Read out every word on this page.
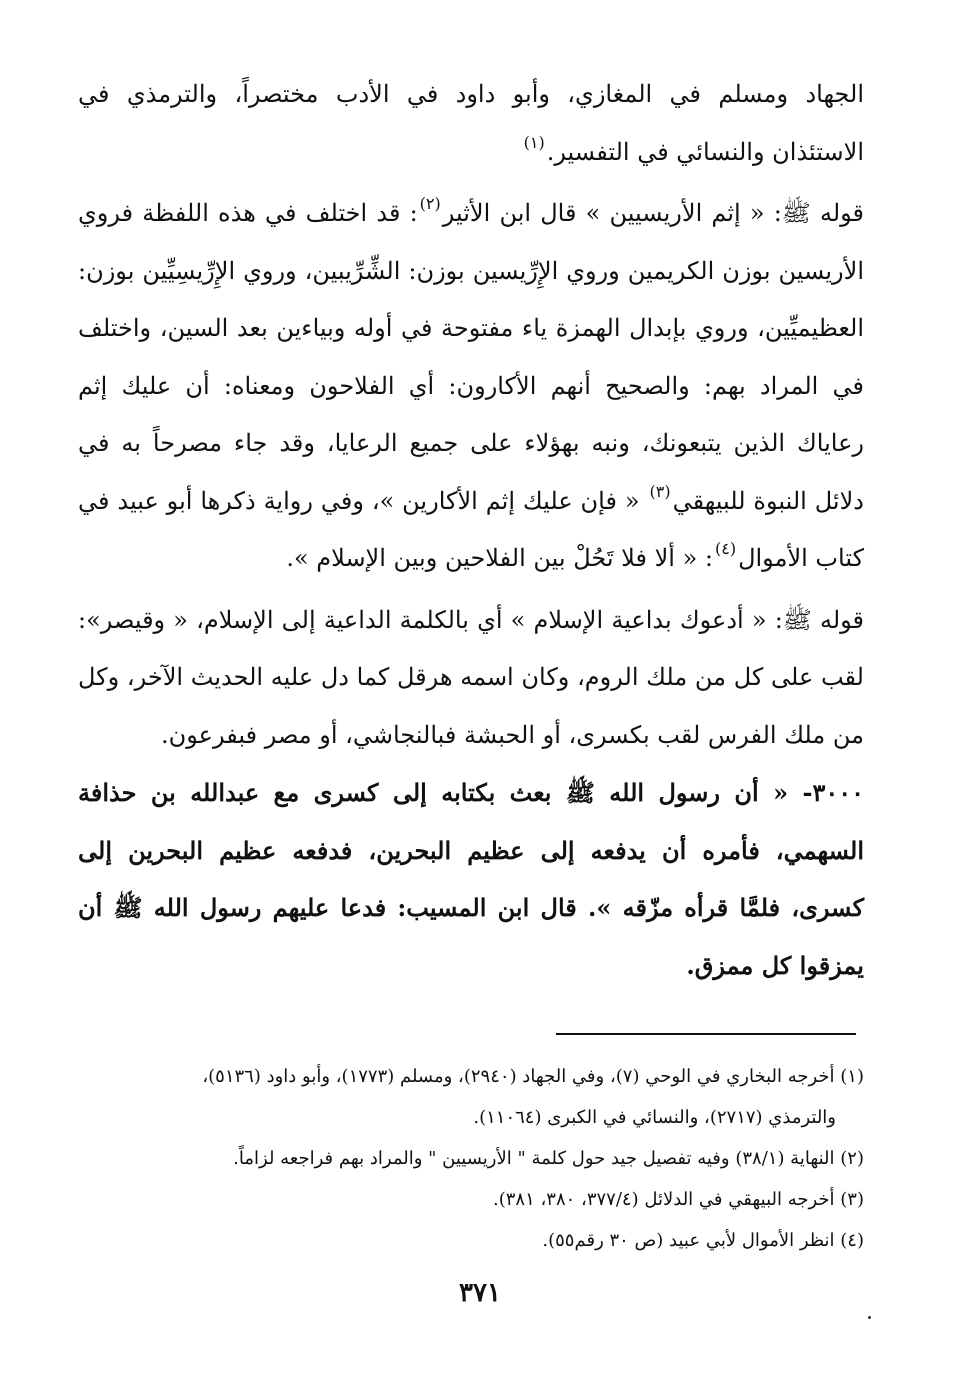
الجهاد ومسلم في المغازي، وأبو داود في الأدب مختصراً، والترمذي في الاستئذان والنسائي في التفسير.$^{(١)}$

قوله ﷺ: « إثم الأريسيين » قال ابن الأثير$^{(٢)}$: قد اختلف في هذه اللفظة فروي الأريسين بوزن الكريمين وروي الإِرِّيسين بوزن: الشِّرِّيبين، وروي الإِرِّيسِيِّين بوزن: العظيميِّين، وروي بإبدال الهمزة ياء مفتوحة في أوله وبياءين بعد السين، واختلف في المراد بهم: والصحيح أنهم الأكارون: أي الفلاحون ومعناه: أن عليك إثم رعاياك الذين يتبعونك، ونبه بهؤلاء على جميع الرعايا، وقد جاء مصرحاً به في دلائل النبوة للبيهقي$^{(٣)}$ « فإن عليك إثم الأكارين »، وفي رواية ذكرها أبو عبيد في كتاب الأموال$^{(٤)}$: « ألا فلا تَحُلْ بين الفلاحين وبين الإسلام ».

قوله ﷺ: « أدعوك بداعية الإسلام » أي بالكلمة الداعية إلى الإسلام، « وقيصر»: لقب على كل من ملك الروم، وكان اسمه هرقل كما دل عليه الحديث الآخر، وكل من ملك الفرس لقب بكسرى، أو الحبشة فبالنجاشي، أو مصر فبفرعون.

٣٠٠٠- « أن رسول الله ﷺ بعث بكتابه إلى كسرى مع عبدالله بن حذافة السهمي، فأمره أن يدفعه إلى عظيم البحرين، فدفعه عظيم البحرين إلى كسرى، فلمَّا قرأه مزّقه ». قال ابن المسيب: فدعا عليهم رسول الله ﷺ أن يمزقوا كل ممزق.

(١) أخرجه البخاري في الوحي (٧)، وفي الجهاد (٢٩٤٠)، ومسلم (١٧٧٣)، وأبو داود (٥١٣٦)،

والترمذي (٢٧١٧)، والنسائي في الكبرى (١١٠٦٤).

(٢) النهاية (٣٨/١) وفيه تفصيل جيد حول كلمة " الأريسيين " والمراد بهم فراجعه لزاماً.

(٣) أخرجه البيهقي في الدلائل (٣٧٧/٤، ٣٨٠، ٣٨١).

(٤) انظر الأموال لأبي عبيد (ص ٣٠ رقم٥٥).

٣٧١
